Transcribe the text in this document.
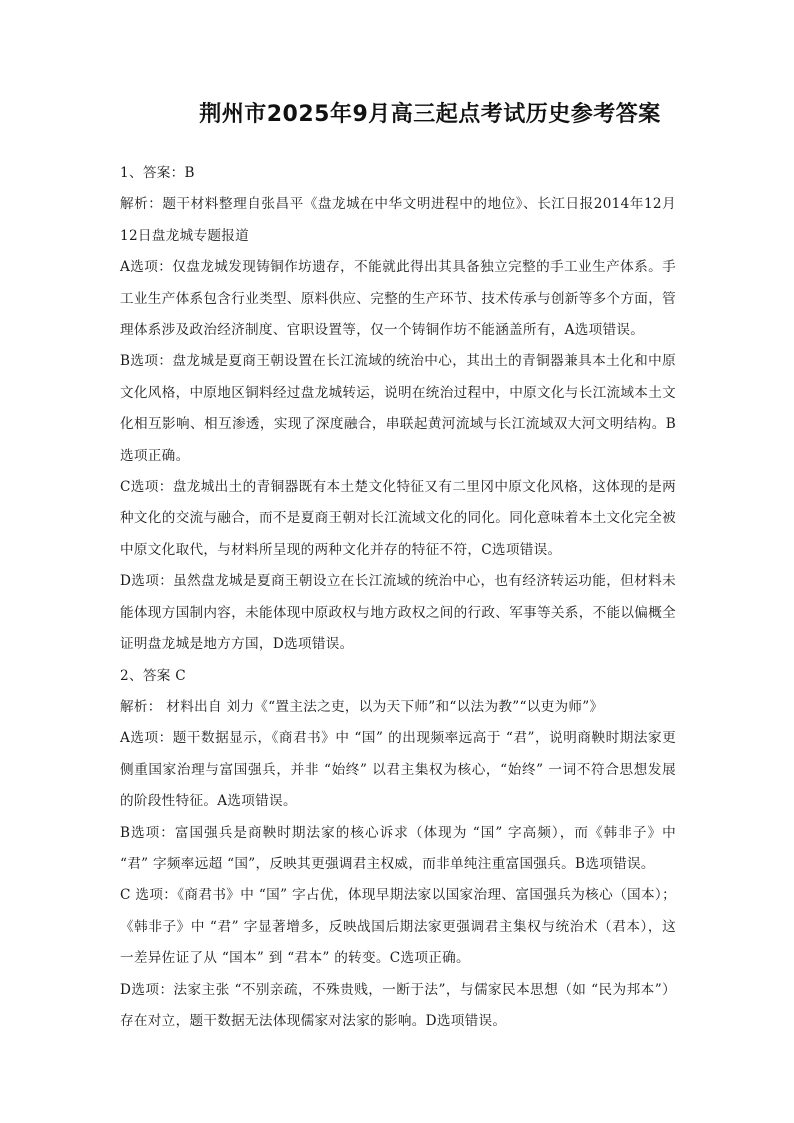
荆州市2025年9月高三起点考试历史参考答案

1、答案：B

解析：题干材料整理自张昌平《盘龙城在中华文明进程中的地位》、长江日报2014年12月12日盘龙城专题报道

A选项：仅盘龙城发现铸铜作坊遗存，不能就此得出其具备独立完整的手工业生产体系。手工业生产体系包含行业类型、原料供应、完整的生产环节、技术传承与创新等多个方面，管理体系涉及政治经济制度、官职设置等，仅一个铸铜作坊不能涵盖所有，A选项错误。

B选项：盘龙城是夏商王朝设置在长江流域的统治中心，其出土的青铜器兼具本土化和中原文化风格，中原地区铜料经过盘龙城转运，说明在统治过程中，中原文化与长江流域本土文化相互影响、相互渗透，实现了深度融合，串联起黄河流域与长江流域双大河文明结构。B选项正确。

C选项：盘龙城出土的青铜器既有本土楚文化特征又有二里冈中原文化风格，这体现的是两种文化的交流与融合，而不是夏商王朝对长江流域文化的同化。同化意味着本土文化完全被中原文化取代，与材料所呈现的两种文化并存的特征不符，C选项错误。

D选项：虽然盘龙城是夏商王朝设立在长江流域的统治中心，也有经济转运功能，但材料未能体现方国制内容，未能体现中原政权与地方政权之间的行政、军事等关系，不能以偏概全证明盘龙城是地方方国，D选项错误。

2、答案 C

解析： 材料出自 刘力《“置主法之吏，以为天下师”和“以法为教”“以吏为师”》

A选项：题干数据显示，《商君书》中 “国” 的出现频率远高于 “君”，说明商鞅时期法家更侧重国家治理与富国强兵，并非 “始终” 以君主集权为核心，“始终” 一词不符合思想发展的阶段性特征。A选项错误。

B选项：富国强兵是商鞅时期法家的核心诉求（体现为 “国” 字高频），而《韩非子》中 “君” 字频率远超 “国”，反映其更强调君主权威，而非单纯注重富国强兵。B选项错误。

C 选项：《商君书》中 “国” 字占优，体现早期法家以国家治理、富国强兵为核心（国本）；《韩非子》中 “君” 字显著增多，反映战国后期法家更强调君主集权与统治术（君本），这一差异佐证了从 “国本” 到 “君本” 的转变。C选项正确。

D选项：法家主张 “不别亲疏，不殊贵贱，一断于法”，与儒家民本思想（如 “民为邦本”）存在对立，题干数据无法体现儒家对法家的影响。D选项错误。
